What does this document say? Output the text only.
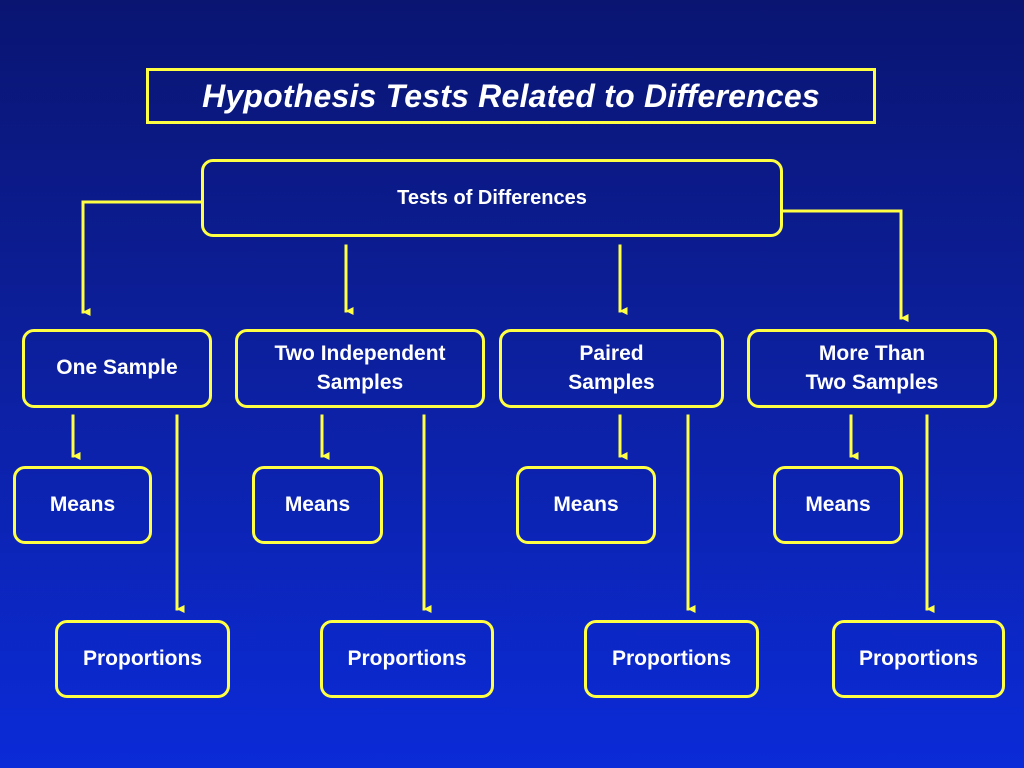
Hypothesis Tests Related to Differences
Tests of Differences
One Sample
Two Independent
Samples
Paired
Samples
More Than
Two Samples
Means	Means	Means	Means
Proportions	Proportions	Proportions	Proportions
